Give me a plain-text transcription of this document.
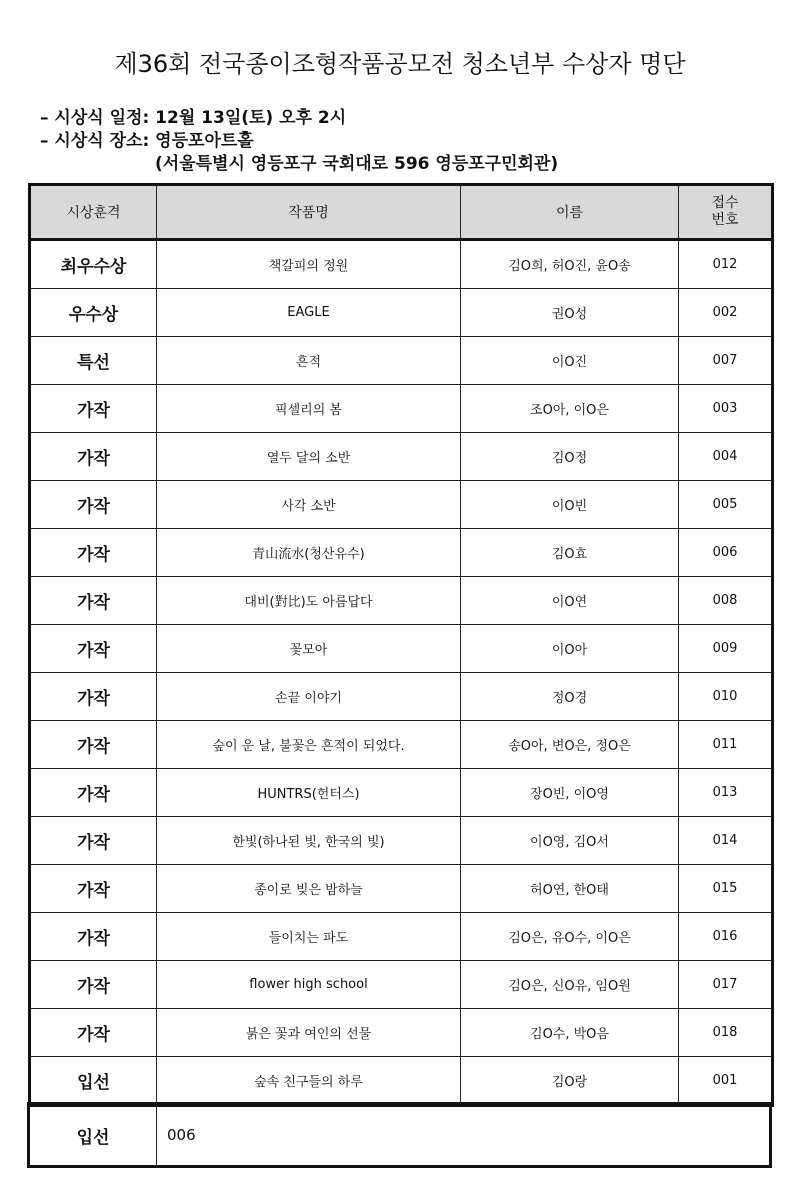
제36회 전국종이조형작품공모전 청소년부 수상자 명단
– 시상식 일정: 12월 13일(토) 오후 2시
– 시상식 장소: 영등포아트홀
(서울특별시 영등포구 국회대로 596 영등포구민회관)
시상훈격	작품명	이름	접수
번호
최우수상	책갈피의 정원	김O희, 허O진, 윤O송	012
우수상	EAGLE	권O성	002
특선	흔적	이O진	007
가작	픽셀리의 봄	조O아, 이O은	003
가작	열두 달의 소반	김O정	004
가작	사각 소반	이O빈	005
가작	青山流水(청산유수)	김O효	006
가작	대비(對比)도 아름답다	이O연	008
가작	꽃모아	이O아	009
가작	손끝 이야기	정O경	010
가작	숲이 운 날, 불꽃은 흔적이 되었다.	송O아, 변O은, 정O은	011
가작	HUNTRS(헌터스)	장O빈, 이O영	013
가작	한빛(하나된 빛, 한국의 빛)	이O영, 김O서	014
가작	종이로 빚은 밤하늘	허O연, 한O태	015
가작	들이치는 파도	김O은, 유O수, 이O은	016
가작	flower high school	김O은, 신O유, 임O원	017
가작	붉은 꽃과 여인의 선물	김O수, 박O음	018
입선	숲속 친구들의 하루	김O랑	001
입선	006
